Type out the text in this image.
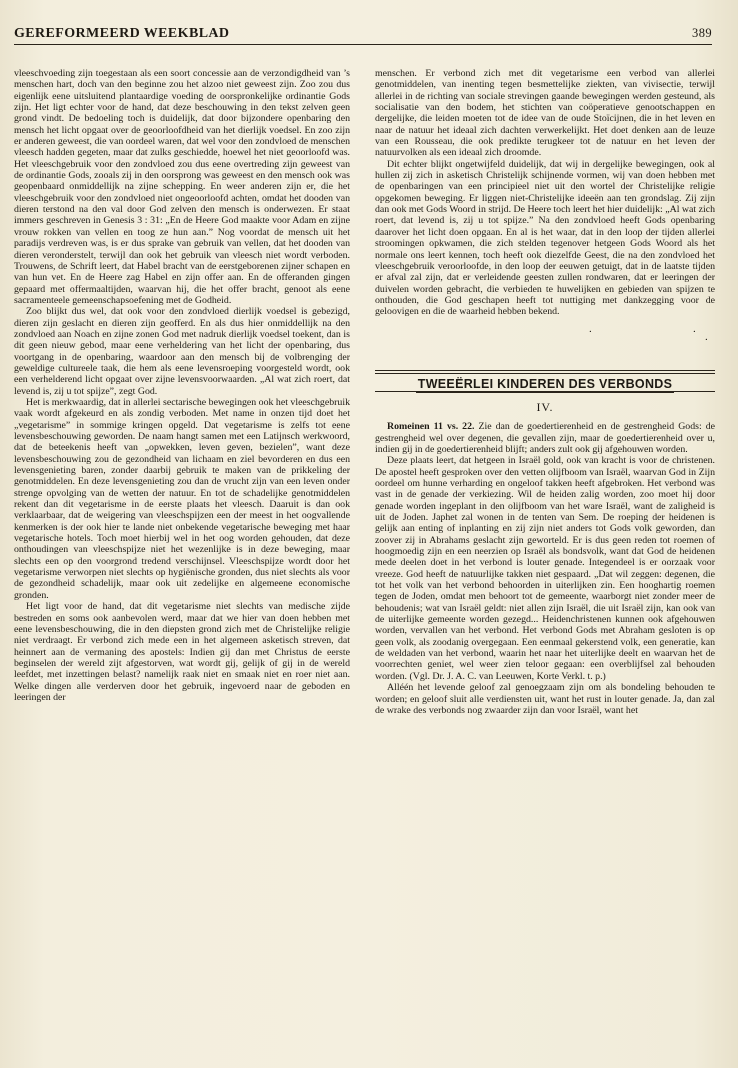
GEREFORMEERD WEEKBLAD	389

vleeschvoeding zijn toegestaan als een soort concessie aan de verzondigdheid van ’s menschen hart, doch van den beginne zou het alzoo niet geweest zijn. Zoo zou dus eigenlijk eene uitsluitend plantaardige voeding de oorspronkelijke ordinantie Gods zijn. Het ligt echter voor de hand, dat deze beschouwing in den tekst zelven geen grond vindt. De bedoeling toch is duidelijk, dat door bijzondere openbaring den mensch het licht opgaat over de geoorloofdheid van het dierlijk voedsel. En zoo zijn er anderen geweest, die van oordeel waren, dat wel voor den zondvloed de menschen vleesch hadden gegeten, maar dat zulks geschiedde, hoewel het niet geoorloofd was. Het vleeschgebruik voor den zondvloed zou dus eene overtreding zijn geweest van de ordinantie Gods, zooals zij in den oorsprong was geweest en den mensch ook was geopenbaard onmiddellijk na zijne schepping. En weer anderen zijn er, die het vleeschgebruik voor den zondvloed niet ongeoorloofd achten, omdat het dooden van dieren terstond na den val door God zelven den mensch is onderwezen. Er staat immers geschreven in Genesis 3 : 31: „En de Heere God maakte voor Adam en zijne vrouw rokken van vellen en toog ze hun aan.” Nog voordat de mensch uit het paradijs verdreven was, is er dus sprake van gebruik van vellen, dat het dooden van dieren veronderstelt, terwijl dan ook het gebruik van vleesch niet wordt verboden. Trouwens, de Schrift leert, dat Habel bracht van de eerstgeborenen zijner schapen en van hun vet. En de Heere zag Habel en zijn offer aan. En de offeranden gingen gepaard met offermaaltijden, waarvan hij, die het offer bracht, genoot als eene sacramenteele gemeenschapsoefening met de Godheid.

Zoo blijkt dus wel, dat ook voor den zondvloed dierlijk voedsel is gebezigd, dieren zijn geslacht en dieren zijn geofferd. En als dus hier onmiddellijk na den zondvloed aan Noach en zijne zonen God met nadruk dierlijk voedsel toekent, dan is dit geen nieuw gebod, maar eene verheldering van het licht der openbaring, dus voortgang in de openbaring, waardoor aan den mensch bij de volbrenging der geweldige cultureele taak, die hem als eene levensroeping voorgesteld wordt, ook een verhelderend licht opgaat over zijne levensvoorwaarden. „Al wat zich roert, dat levend is, zij u tot spijze”, zegt God.

Het is merkwaardig, dat in allerlei sectarische bewegingen ook het vleeschgebruik vaak wordt afgekeurd en als zondig verboden. Met name in onzen tijd doet het „vegetarisme” in sommige kringen opgeld. Dat vegetarisme is zelfs tot eene levensbeschouwing geworden. De naam hangt samen met een Latijnsch werkwoord, dat de beteekenis heeft van „opwekken, leven geven, bezielen”, want deze levensbeschouwing zou de gezondheid van lichaam en ziel bevorderen en dus een levensgenieting baren, zonder daarbij gebruik te maken van de prikkeling der genotmiddelen. En deze levensgenieting zou dan de vrucht zijn van een leven onder strenge opvolging van de wetten der natuur. En tot de schadelijke genotmiddelen rekent dan dit vegetarisme in de eerste plaats het vleesch. Daaruit is dan ook verklaarbaar, dat de weigering van vleeschspijzen een der meest in het oogvallende kenmerken is der ook hier te lande niet onbekende vegetarische beweging met haar vegetarische hotels. Toch moet hierbij wel in het oog worden gehouden, dat deze onthoudingen van vleeschspijze niet het wezenlijke is in deze beweging, maar slechts een op den voorgrond tredend verschijnsel. Vleeschspijze wordt door het vegetarisme verworpen niet slechts op hygiënische gronden, dus niet slechts als voor de gezondheid schadelijk, maar ook uit zedelijke en algemeene economische gronden.

Het ligt voor de hand, dat dit vegetarisme niet slechts van medische zijde bestreden en soms ook aanbevolen werd, maar dat we hier van doen hebben met eene levensbeschouwing, die in den diepsten grond zich met de Christelijke religie niet verdraagt. Er verbond zich mede een in het algemeen asketisch streven, dat heinnert aan de vermaning des apostels: Indien gij dan met Christus de eerste beginselen der wereld zijt afgestorven, wat wordt gij, gelijk of gij in de wereld leefdet, met inzettingen belast? namelijk raak niet en smaak niet en roer niet aan. Welke dingen alle verderven door het gebruik, ingevoerd naar de geboden en leeringen der

menschen. Er verbond zich met dit vegetarisme een verbod van allerlei genotmiddelen, van inenting tegen besmettelijke ziekten, van vivisectie, terwijl allerlei in de richting van sociale strevingen gaande bewegingen werden gesteund, als socialisatie van den bodem, het stichten van coöperatieve genootschappen en dergelijke, die leiden moeten tot de idee van de oude Stoïcijnen, die in het leven en naar de natuur het ideaal zich dachten verwerkelijkt. Het doet denken aan de leuze van een Rousseau, die ook predikte terugkeer tot de natuur en het leven der natuurvolken als een ideaal zich droomde.

Dit echter blijkt ongetwijfeld duidelijk, dat wij in dergelijke bewegingen, ook al hullen zij zich in asketisch Christelijk schijnende vormen, wij van doen hebben met de openbaringen van een principieel niet uit den wortel der Christelijke religie opgekomen beweging. Er liggen niet-Christelijke ideeën aan ten grondslag. Zij zijn dan ook met Gods Woord in strijd. De Heere toch leert het hier duidelijk: „Al wat zich roert, dat levend is, zij u tot spijze.” Na den zondvloed heeft Gods openbaring daarover het licht doen opgaan. En al is het waar, dat in den loop der tijden allerlei stroomingen opkwamen, die zich stelden tegenover hetgeen Gods Woord als het normale ons leert kennen, toch heeft ook diezelfde Geest, die na den zondvloed het vleeschgebruik veroorloofde, in den loop der eeuwen getuigt, dat in de laatste tijden er afval zal zijn, dat er verleidende geesten zullen rondwaren, dat er leeringen der duivelen worden gebracht, die verbieden te huwelijken en gebieden van spijzen te onthouden, die God geschapen heeft tot nuttiging met dankzegging voor de geloovigen en die de waarheid hebben bekend.

.	.
.
TWEEËRLEI KINDEREN DES VERBONDS
IV.

Romeinen 11 vs. 22. Zie dan de goedertierenheid en de gestrengheid Gods: de gestrengheid wel over degenen, die gevallen zijn, maar de goedertierenheid over u, indien gij in de goedertierenheid blijft; anders zult ook gij afgehouwen worden.

Deze plaats leert, dat hetgeen in Israël gold, ook van kracht is voor de christenen. De apostel heeft gesproken over den vetten olijfboom van Israël, waarvan God in Zijn oordeel om hunne verharding en ongeloof takken heeft afgebroken. Het verbond was vast in de genade der verkiezing. Wil de heiden zalig worden, zoo moet hij door genade worden ingeplant in den olijfboom van het ware Israël, want de zaligheid is uit de Joden. Japhet zal wonen in de tenten van Sem. De roeping der heidenen is gelijk aan enting of inplanting en zij zijn niet anders tot Gods volk geworden, dan zoover zij in Abrahams geslacht zijn geworteld. Er is dus geen reden tot roemen of hoogmoedig zijn en een neerzien op Israël als bondsvolk, want dat God de heidenen mede deelen doet in het verbond is louter genade. Integendeel is er oorzaak voor vreeze. God heeft de natuurlijke takken niet gespaard. „Dat wil zeggen: degenen, die tot het volk van het verbond behoorden in uiterlijken zin. Een hooghartig roemen tegen de Joden, omdat men behoort tot de gemeente, waarborgt niet zonder meer de behoudenis; wat van Israël geldt: niet allen zijn Israël, die uit Israël zijn, kan ook van de uiterlijke gemeente worden gezegd... Heidenchristenen kunnen ook afgehouwen worden, vervallen van het verbond. Het verbond Gods met Abraham gesloten is op geen volk, als zoodanig overgegaan. Een eenmaal gekerstend volk, een generatie, kan de weldaden van het verbond, waarin het naar het uiterlijke deelt en waarvan het de voorrechten geniet, wel weer zien teloor gegaan: een overblijfsel zal behouden worden. (Vgl. Dr. J. A. C. van Leeuwen, Korte Verkl. t. p.)

Alléén het levende geloof zal genoegzaam zijn om als bondeling behouden te worden; en geloof sluit alle verdiensten uit, want het rust in louter genade. Ja, dan zal de wrake des verbonds nog zwaarder zijn dan voor Israël, want het
